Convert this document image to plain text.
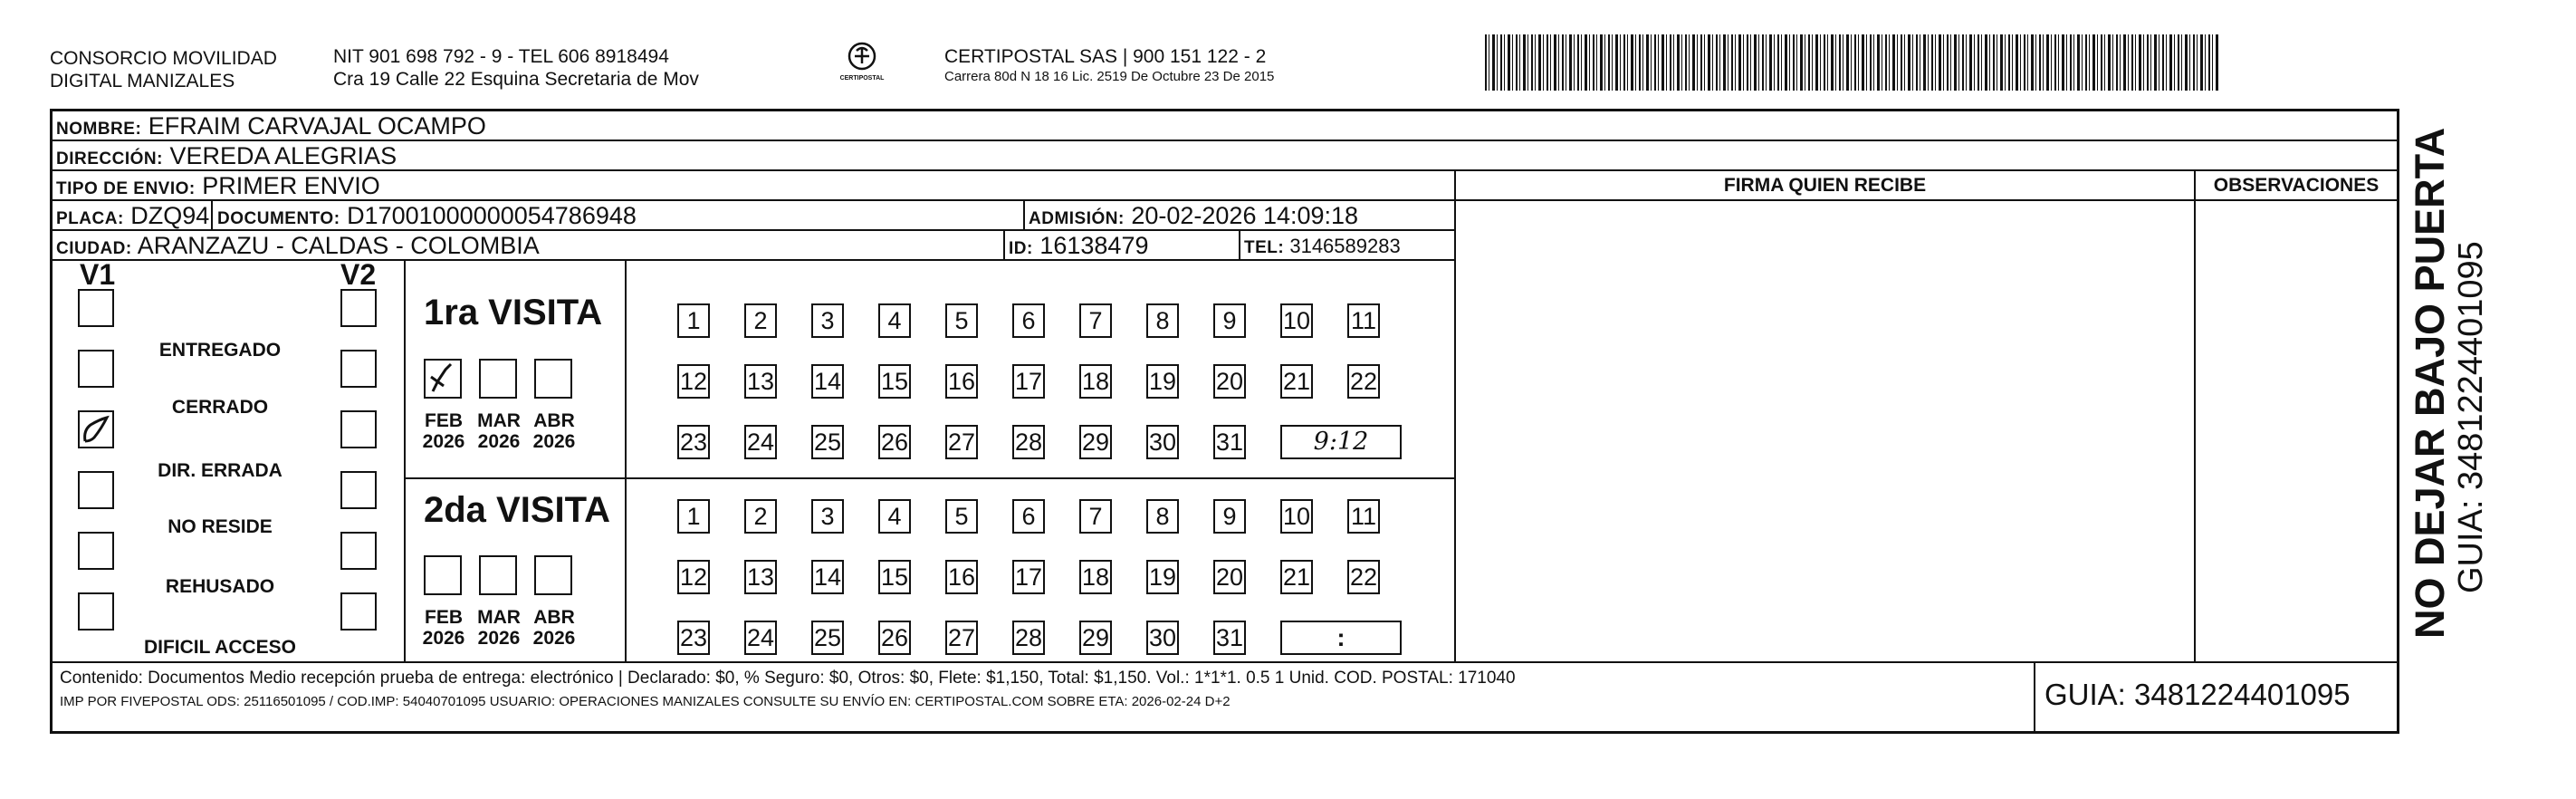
CONSORCIO MOVILIDAD
DIGITAL MANIZALES
NIT 901 698 792 - 9 - TEL 606 8918494
Cra 19 Calle 22 Esquina Secretaria de Mov	CERTIPOSTAL
CERTIPOSTAL SAS | 900 151 122 - 2
Carrera 80d N 18 16 Lic. 2519 De Octubre 23 De 2015
NOMBRE: EFRAIM CARVAJAL OCAMPO
DIRECCIÓN: VEREDA ALEGRIAS
TIPO DE ENVIO: PRIMER ENVIO
PLACA: DZQ94 DOCUMENTO: D17001000000054786948	ADMISIÓN: 20-02-2026 14:09:18
CIUDAD: ARANZAZU - CALDAS - COLOMBIA	ID: 16138479	TEL: 3146589283
FIRMA QUIEN RECIBE	OBSERVACIONES
V1	V2
ENTREGADO
CERRADO
DIR. ERRADA
NO RESIDE
REHUSADO
DIFICIL ACCESO
1ra VISITA
FEB
2026
MAR
2026
ABR
2026
1	2	3	4	5	6	7	8	9	10 11
12 13 14 15 16 17 18 19 20 21 22
23 24 25 26 27 28 29 30 31	9:12
2da VISITA
FEB
2026
MAR
2026
ABR
2026
1	2	3	4	5	6	7	8	9	10 11
12 13 14 15 16 17 18 19 20 21 22
23 24 25 26 27 28 29 30 31	:
Contenido: Documentos Medio recepción prueba de entrega: electrónico | Declarado: $0, % Seguro: $0, Otros: $0, Flete: $1,150, Total: $1,150. Vol.: 1*1*1. 0.5 1 Unid. COD. POSTAL: 171040
IMP POR FIVEPOSTAL ODS: 25116501095 / COD.IMP: 54040701095 USUARIO: OPERACIONES MANIZALES CONSULTE SU ENVÍO EN: CERTIPOSTAL.COM SOBRE ETA: 2026-02-24 D+2	GUIA: 3481224401095
NO DEJAR BAJO PUERTA GUIA: 3481224401095
